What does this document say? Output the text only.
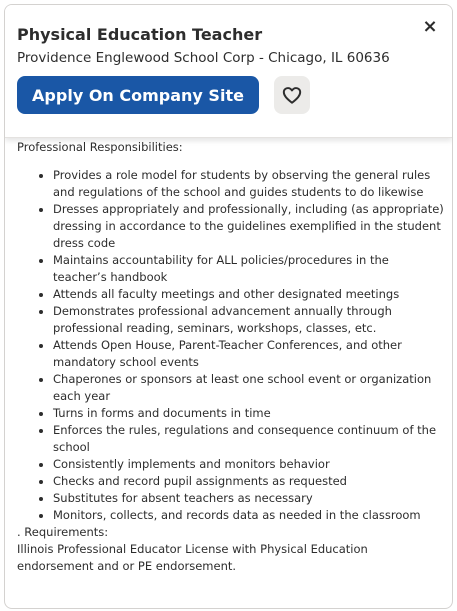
Physical Education Teacher
Providence Englewood School Corp - Chicago, IL 60636
×
Apply On Company Site

Professional Responsibilities:

• Provides a role model for students by observing the general rules and regulations of the school and guides students to do likewise
• Dresses appropriately and professionally, including (as appropriate) dressing in accordance to the guidelines exemplified in the student dress code
• Maintains accountability for ALL policies/procedures in the teacher’s handbook
• Attends all faculty meetings and other designated meetings
• Demonstrates professional advancement annually through professional reading, seminars, workshops, classes, etc.
• Attends Open House, Parent-Teacher Conferences, and other mandatory school events
• Chaperones or sponsors at least one school event or organization each year
• Turns in forms and documents in time
• Enforces the rules, regulations and consequence continuum of the school
• Consistently implements and monitors behavior
• Checks and record pupil assignments as requested
• Substitutes for absent teachers as necessary
• Monitors, collects, and records data as needed in the classroom

. Requirements:

Illinois Professional Educator License with Physical Education endorsement and or PE endorsement.
